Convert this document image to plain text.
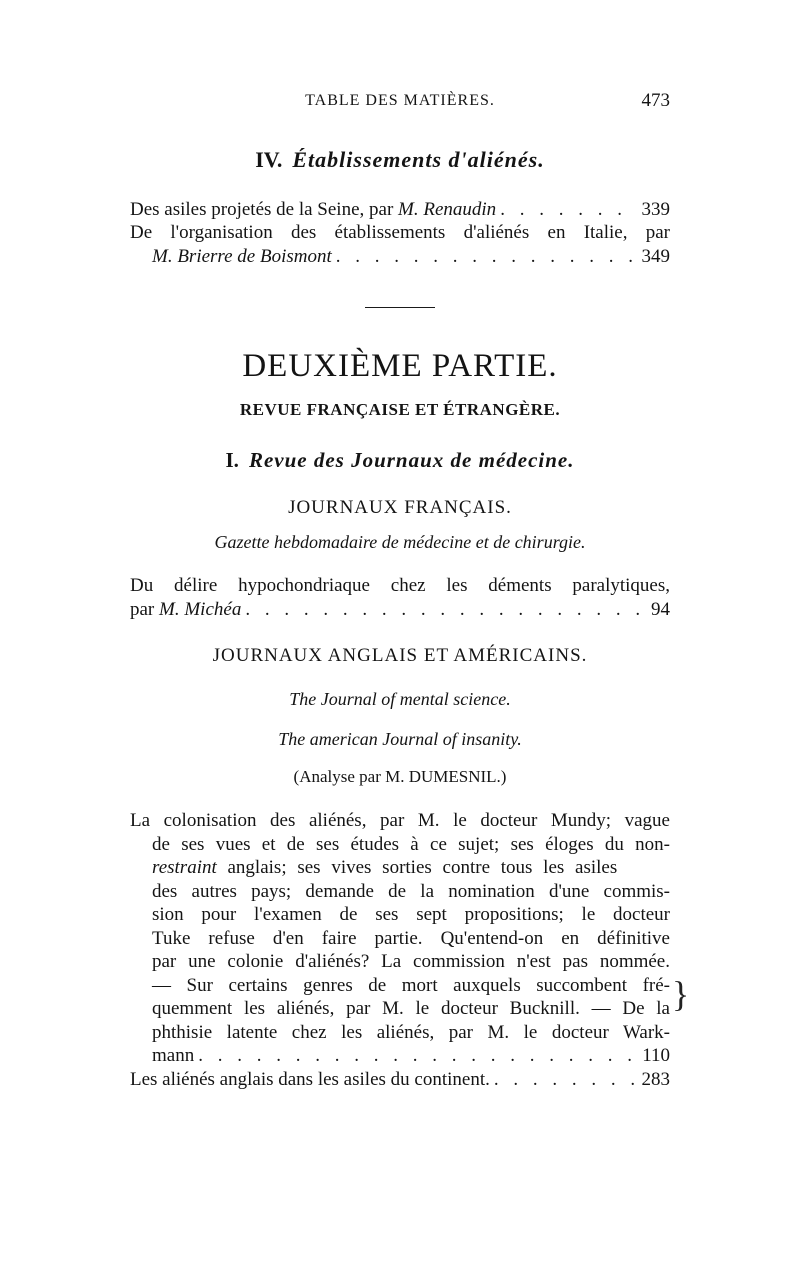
TABLE DES MATIÈRES.	473
IV. Établissements d'aliénés.
Des asiles projetés de la Seine, par M. Renaudin . . .	339
De l'organisation des établissements d'aliénés en Italie, par
M. Brierre de Boismont . . .	349
DEUXIÈME PARTIE.
REVUE FRANÇAISE ET ÉTRANGÈRE.
I. Revue des Journaux de médecine.
JOURNAUX FRANÇAIS.
Gazette hebdomadaire de médecine et de chirurgie.
Du délire hypochondriaque chez les déments paralytiques,
par M. Michéa . . .	94
JOURNAUX ANGLAIS ET AMÉRICAINS.
The Journal of mental science.
The american Journal of insanity.
(Analyse par M. DUMESNIL.)
La colonisation des aliénés, par M. le docteur Mundy; vague
de ses vues et de ses études à ce sujet; ses éloges du non-
restraint anglais; ses vives sorties contre tous les asiles
des autres pays; demande de la nomination d'une commis-
sion pour l'examen de ses sept propositions; le docteur
Tuke refuse d'en faire partie. Qu'entend-on en définitive
par une colonie d'aliénés? La commission n'est pas nommée.
— Sur certains genres de mort auxquels succombent fré-
quemment les aliénés, par M. le docteur Bucknill. — De la
phthisie latente chez les aliénés, par M. le docteur Wark-
mann . . .	110
}
Les aliénés anglais dans les asiles du continent. . . .	283
